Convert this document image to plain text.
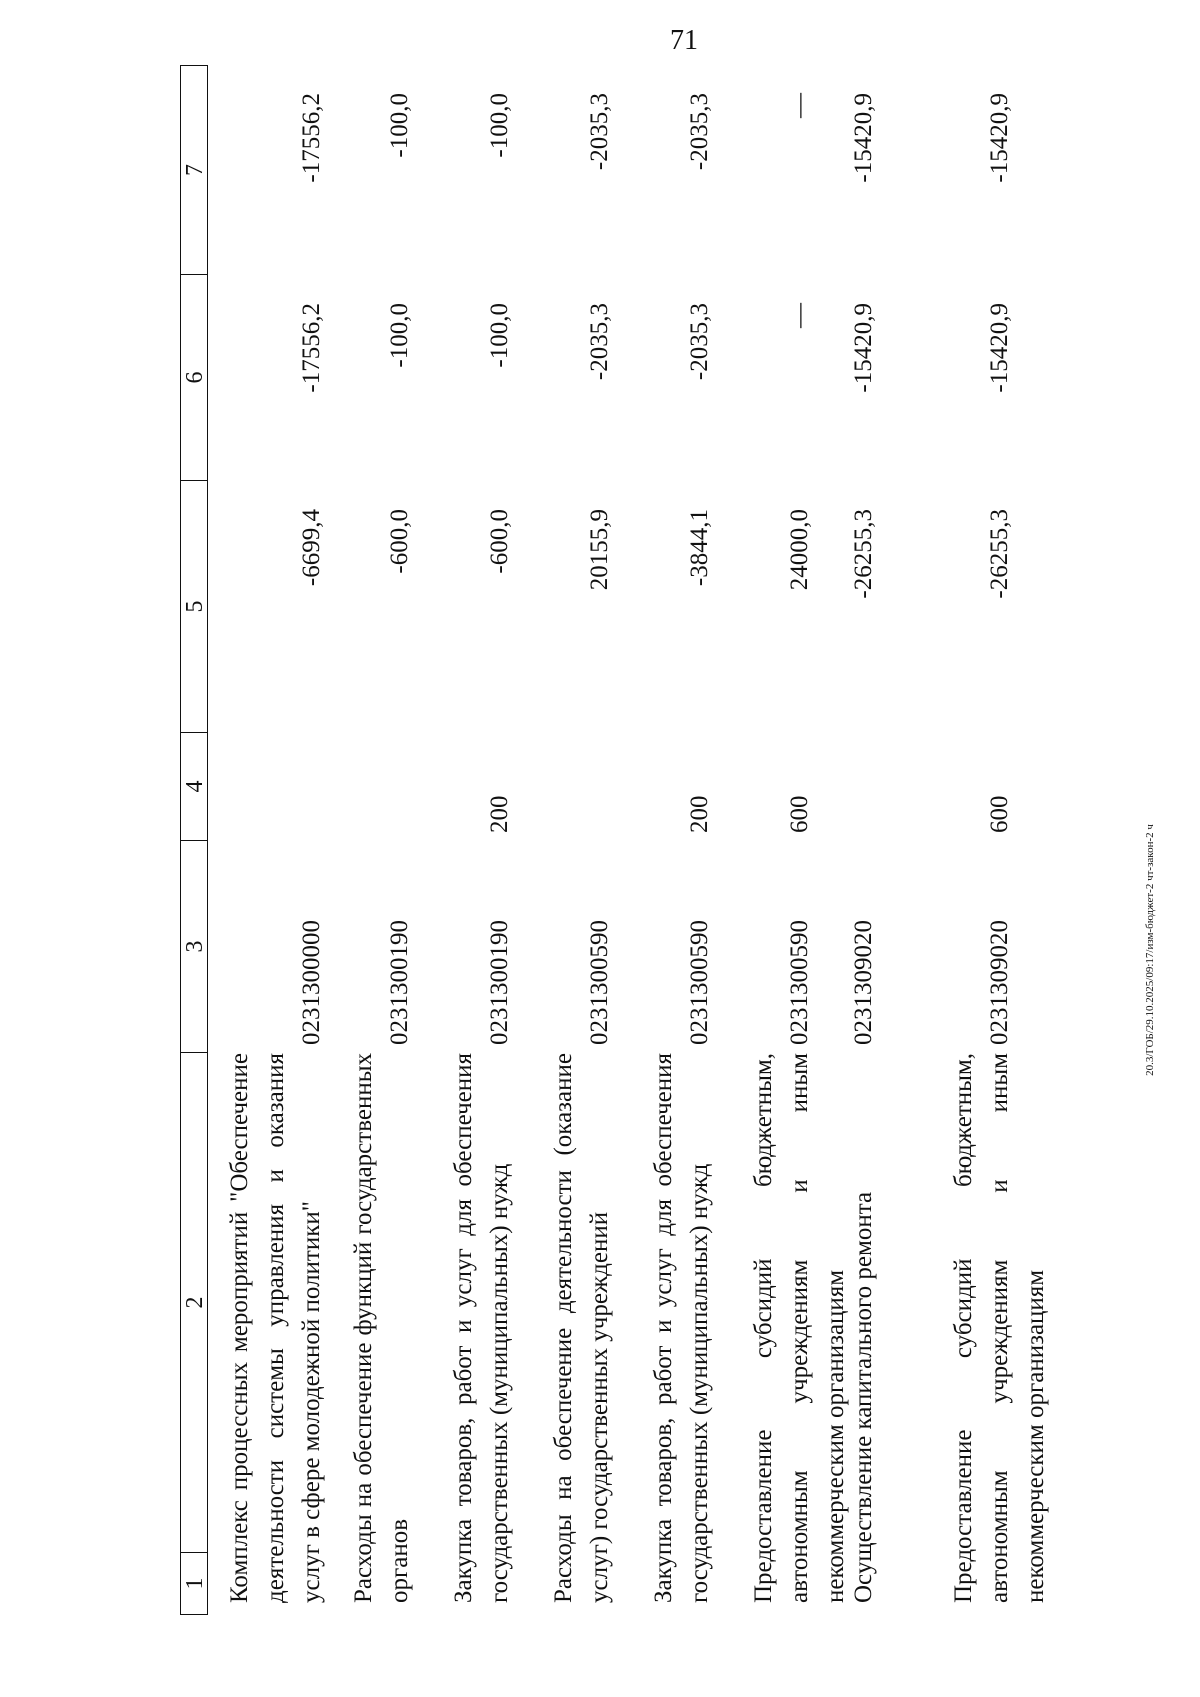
71
20.3/ГОБ/29.10.2025/09:17/изм-бюджет-2 чт-закон-2 ч
1
2
3
4
5
6
7
Комплекс процессных мероприятий "Обеспечение деятельности системы управления и оказания услуг в сфере молодежной политики"
0231300000
-6699,4
-17556,2
-17556,2
Расходы на обеспечение функций государственных органов
0231300190
-600,0
-100,0
-100,0
Закупка товаров, работ и услуг для обеспечения государственных (муниципальных) нужд
0231300190
200
-600,0
-100,0
-100,0
Расходы на обеспечение деятельности (оказание услуг) государственных учреждений
0231300590
20155,9
-2035,3
-2035,3
Закупка товаров, работ и услуг для обеспечения государственных (муниципальных) нужд
0231300590
200
-3844,1
-2035,3
-2035,3
Предоставление субсидий бюджетным, автономным учреждениям и иным некоммерческим организациям
0231300590
600
24000,0
—
—
Осуществление капитального ремонта
0231309020
-26255,3
-15420,9
-15420,9
Предоставление субсидий бюджетным, автономным учреждениям и иным некоммерческим организациям
0231309020
600
-26255,3
-15420,9
-15420,9
